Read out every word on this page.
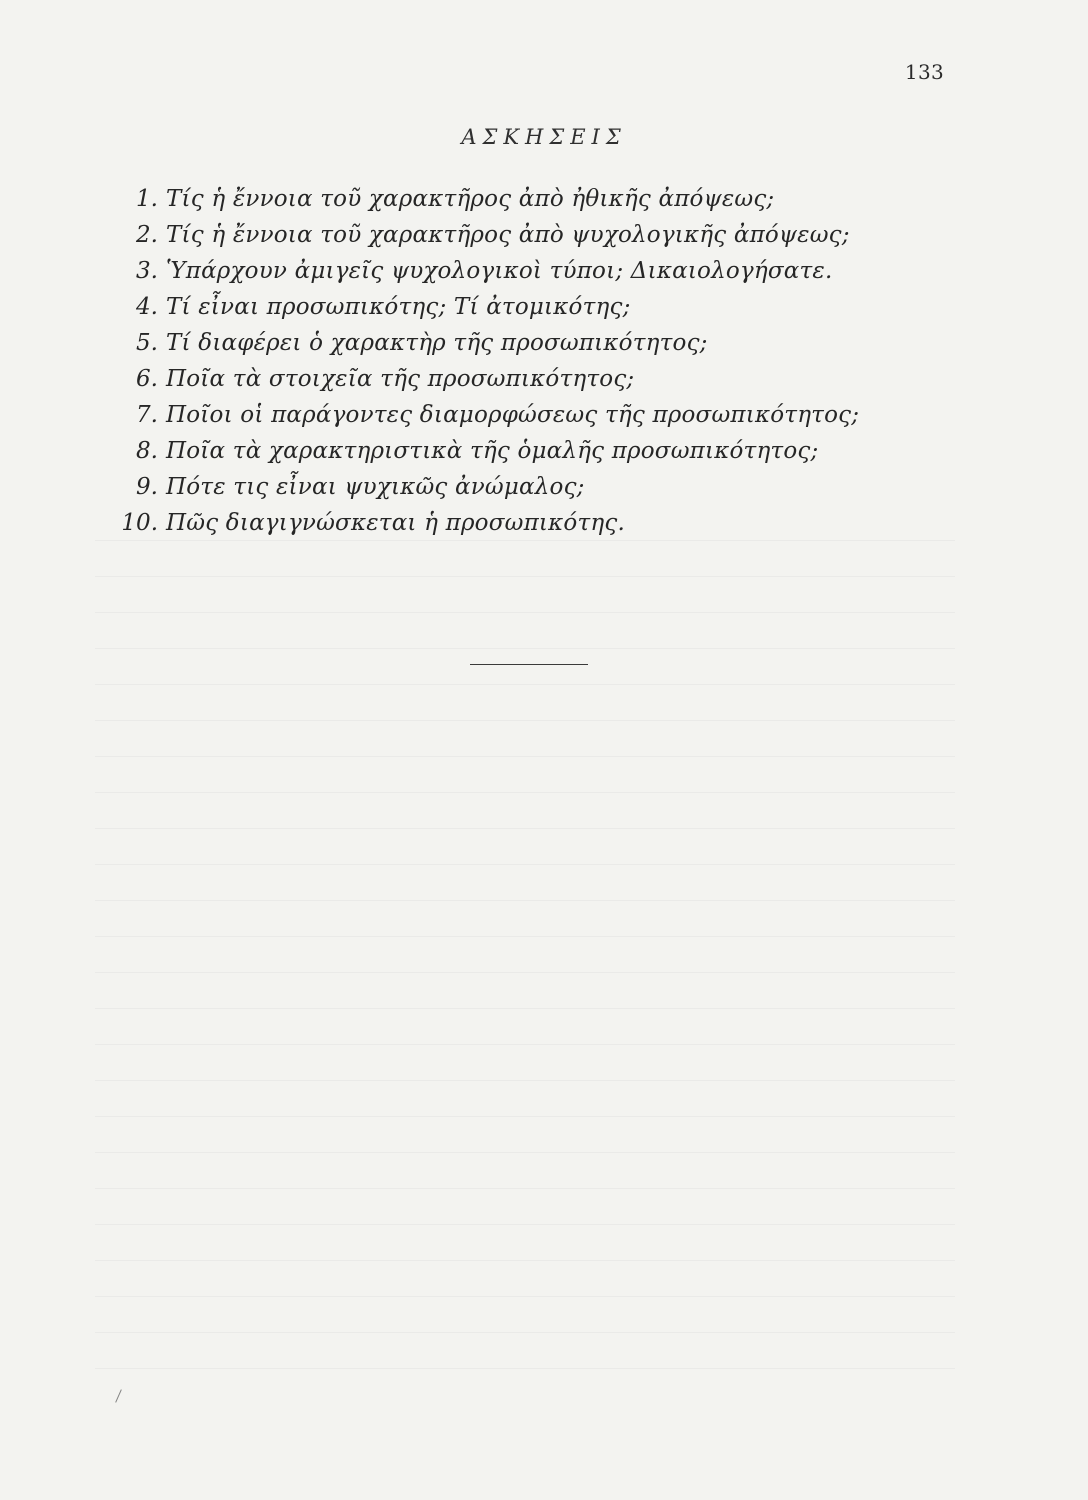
133
ΑΣΚΗΣΕΙΣ
1. Τίς ἡ ἔννοια τοῦ χαρακτῆρος ἀπὸ ἠθικῆς ἀπόψεως;
2. Τίς ἡ ἔννοια τοῦ χαρακτῆρος ἀπὸ ψυχολογικῆς ἀπόψεως;
3. Ὑπάρχουν ἀμιγεῖς ψυχολογικοὶ τύποι; Δικαιολογήσατε.
4. Τί εἶναι προσωπικότης; Τί ἀτομικότης;
5. Τί διαφέρει ὁ χαρακτὴρ τῆς προσωπικότητος;
6. Ποῖα τὰ στοιχεῖα τῆς προσωπικότητος;
7. Ποῖοι οἱ παράγοντες διαμορφώσεως τῆς προσωπικότητος;
8. Ποῖα τὰ χαρακτηριστικὰ τῆς ὁμαλῆς προσωπικότητος;
9. Πότε τις εἶναι ψυχικῶς ἀνώμαλος;
10. Πῶς διαγιγνώσκεται ἡ προσωπικότης.
